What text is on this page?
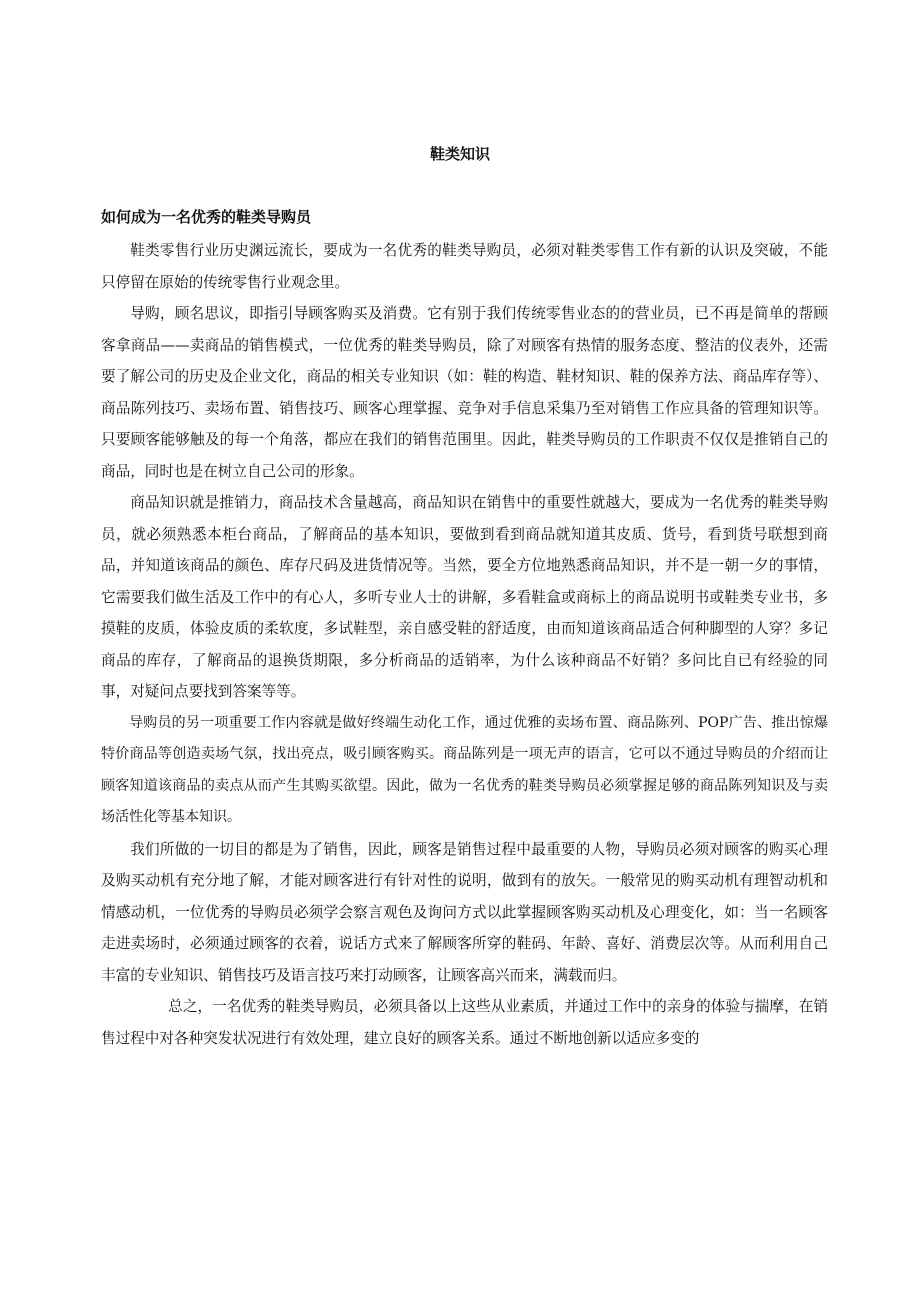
鞋类知识
如何成为一名优秀的鞋类导购员

鞋类零售行业历史渊远流长，要成为一名优秀的鞋类导购员，必须对鞋类零售工作有新的认识及突破，不能只停留在原始的传统零售行业观念里。

导购，顾名思议，即指引导顾客购买及消费。它有别于我们传统零售业态的的营业员，已不再是简单的帮顾客拿商品——卖商品的销售模式，一位优秀的鞋类导购员，除了对顾客有热情的服务态度、整洁的仪表外，还需要了解公司的历史及企业文化，商品的相关专业知识（如：鞋的构造、鞋材知识、鞋的保养方法、商品库存等）、商品陈列技巧、卖场布置、销售技巧、顾客心理掌握、竞争对手信息采集乃至对销售工作应具备的管理知识等。只要顾客能够触及的每一个角落，都应在我们的销售范围里。因此，鞋类导购员的工作职责不仅仅是推销自己的商品，同时也是在树立自己公司的形象。

商品知识就是推销力，商品技术含量越高，商品知识在销售中的重要性就越大，要成为一名优秀的鞋类导购员，就必须熟悉本柜台商品，了解商品的基本知识，要做到看到商品就知道其皮质、货号，看到货号联想到商品，并知道该商品的颜色、库存尺码及进货情况等。当然，要全方位地熟悉商品知识，并不是一朝一夕的事情，它需要我们做生活及工作中的有心人，多听专业人士的讲解，多看鞋盒或商标上的商品说明书或鞋类专业书，多摸鞋的皮质，体验皮质的柔软度，多试鞋型，亲自感受鞋的舒适度，由而知道该商品适合何种脚型的人穿？多记商品的库存，了解商品的退换货期限，多分析商品的适销率，为什么该种商品不好销？多问比自已有经验的同事，对疑问点要找到答案等等。

导购员的另一项重要工作内容就是做好终端生动化工作，通过优雅的卖场布置、商品陈列、POP广告、推出惊爆特价商品等创造卖场气氛，找出亮点，吸引顾客购买。商品陈列是一项无声的语言，它可以不通过导购员的介绍而让顾客知道该商品的卖点从而产生其购买欲望。因此，做为一名优秀的鞋类导购员必须掌握足够的商品陈列知识及与卖场活性化等基本知识。

我们所做的一切目的都是为了销售，因此，顾客是销售过程中最重要的人物，导购员必须对顾客的购买心理及购买动机有充分地了解，才能对顾客进行有针对性的说明，做到有的放矢。一般常见的购买动机有理智动机和情感动机，一位优秀的导购员必须学会察言观色及询问方式以此掌握顾客购买动机及心理变化，如：当一名顾客走进卖场时，必须通过顾客的衣着，说话方式来了解顾客所穿的鞋码、年龄、喜好、消费层次等。从而利用自己丰富的专业知识、销售技巧及语言技巧来打动顾客，让顾客高兴而来，满载而归。

总之，一名优秀的鞋类导购员，必须具备以上这些从业素质，并通过工作中的亲身的体验与揣摩，在销售过程中对各种突发状况进行有效处理，建立良好的顾客关系。通过不断地创新以适应多变的
